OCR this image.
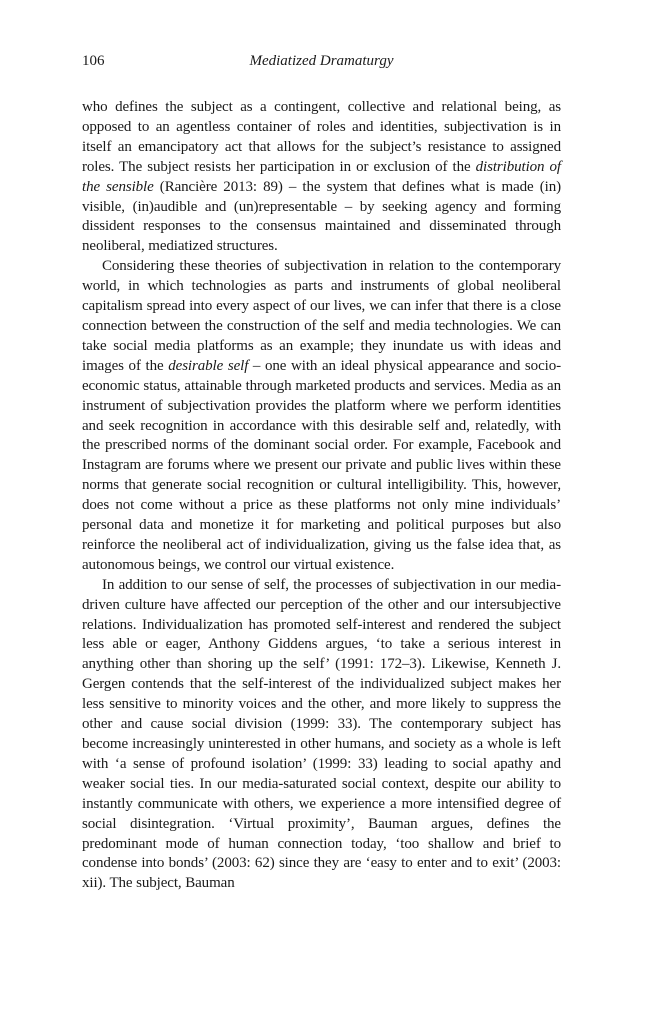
106	Mediatized Dramaturgy

who defines the subject as a contingent, collective and relational being, as opposed to an agentless container of roles and identities, subjectivation is in itself an emancipatory act that allows for the subject’s resistance to assigned roles. The subject resists her participation in or exclusion of the distribution of the sensible (Rancière 2013: 89) – the system that defines what is made (in) visible, (in)audible and (un)representable – by seeking agency and forming dissident responses to the consensus maintained and disseminated through neoliberal, mediatized structures.

Considering these theories of subjectivation in relation to the contemporary world, in which technologies as parts and instruments of global neoliberal capitalism spread into every aspect of our lives, we can infer that there is a close connection between the construction of the self and media technologies. We can take social media platforms as an example; they inundate us with ideas and images of the desirable self – one with an ideal physical appearance and socio-economic status, attainable through marketed products and services. Media as an instrument of subjectivation provides the platform where we perform identities and seek recognition in accordance with this desirable self and, relatedly, with the prescribed norms of the dominant social order. For example, Facebook and Instagram are forums where we present our private and public lives within these norms that generate social recognition or cultural intelligibility. This, however, does not come without a price as these platforms not only mine individuals’ personal data and monetize it for marketing and political purposes but also reinforce the neoliberal act of individualization, giving us the false idea that, as autonomous beings, we control our virtual existence.

In addition to our sense of self, the processes of subjectivation in our media-driven culture have affected our perception of the other and our intersubjective relations. Individualization has promoted self-interest and rendered the subject less able or eager, Anthony Giddens argues, ‘to take a serious interest in anything other than shoring up the self’ (1991: 172–3). Likewise, Kenneth J. Gergen contends that the self-interest of the individualized subject makes her less sensitive to minority voices and the other, and more likely to suppress the other and cause social division (1999: 33). The contemporary subject has become increasingly uninterested in other humans, and society as a whole is left with ‘a sense of profound isolation’ (1999: 33) leading to social apathy and weaker social ties. In our media-saturated social context, despite our ability to instantly communicate with others, we experience a more intensified degree of social disintegration. ‘Virtual proximity’, Bauman argues, defines the predominant mode of human connection today, ‘too shallow and brief to condense into bonds’ (2003: 62) since they are ‘easy to enter and to exit’ (2003: xii). The subject, Bauman
